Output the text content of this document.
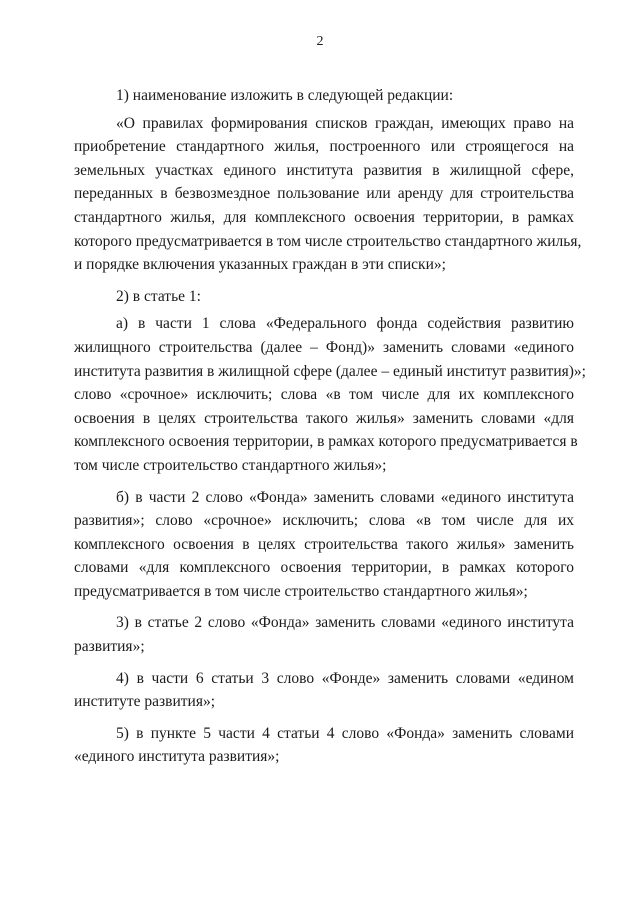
2

1) наименование изложить в следующей редакции:

«О правилах формирования списков граждан, имеющих право на
приобретение стандартного жилья, построенного или строящегося на
земельных участках единого института развития в жилищной сфере,
переданных в безвозмездное пользование или аренду для строительства
стандартного жилья, для комплексного освоения территории, в рамках
которого предусматривается в том числе строительство стандартного жилья,
и порядке включения указанных граждан в эти списки»;

2) в статье 1:

а) в части 1 слова «Федерального фонда содействия развитию
жилищного строительства (далее – Фонд)» заменить словами «единого
института развития в жилищной сфере (далее – единый институт развития)»;
слово «срочное» исключить; слова «в том числе для их комплексного
освоения в целях строительства такого жилья» заменить словами «для
комплексного освоения территории, в рамках которого предусматривается в
том числе строительство стандартного жилья»;

б) в части 2 слово «Фонда» заменить словами «единого института
развития»; слово «срочное» исключить; слова «в том числе для их
комплексного освоения в целях строительства такого жилья» заменить
словами «для комплексного освоения территории, в рамках которого
предусматривается в том числе строительство стандартного жилья»;

3) в статье 2 слово «Фонда» заменить словами «единого института
развития»;

4) в части 6 статьи 3 слово «Фонде» заменить словами «едином
институте развития»;

5) в пункте 5 части 4 статьи 4 слово «Фонда» заменить словами
«единого института развития»;
